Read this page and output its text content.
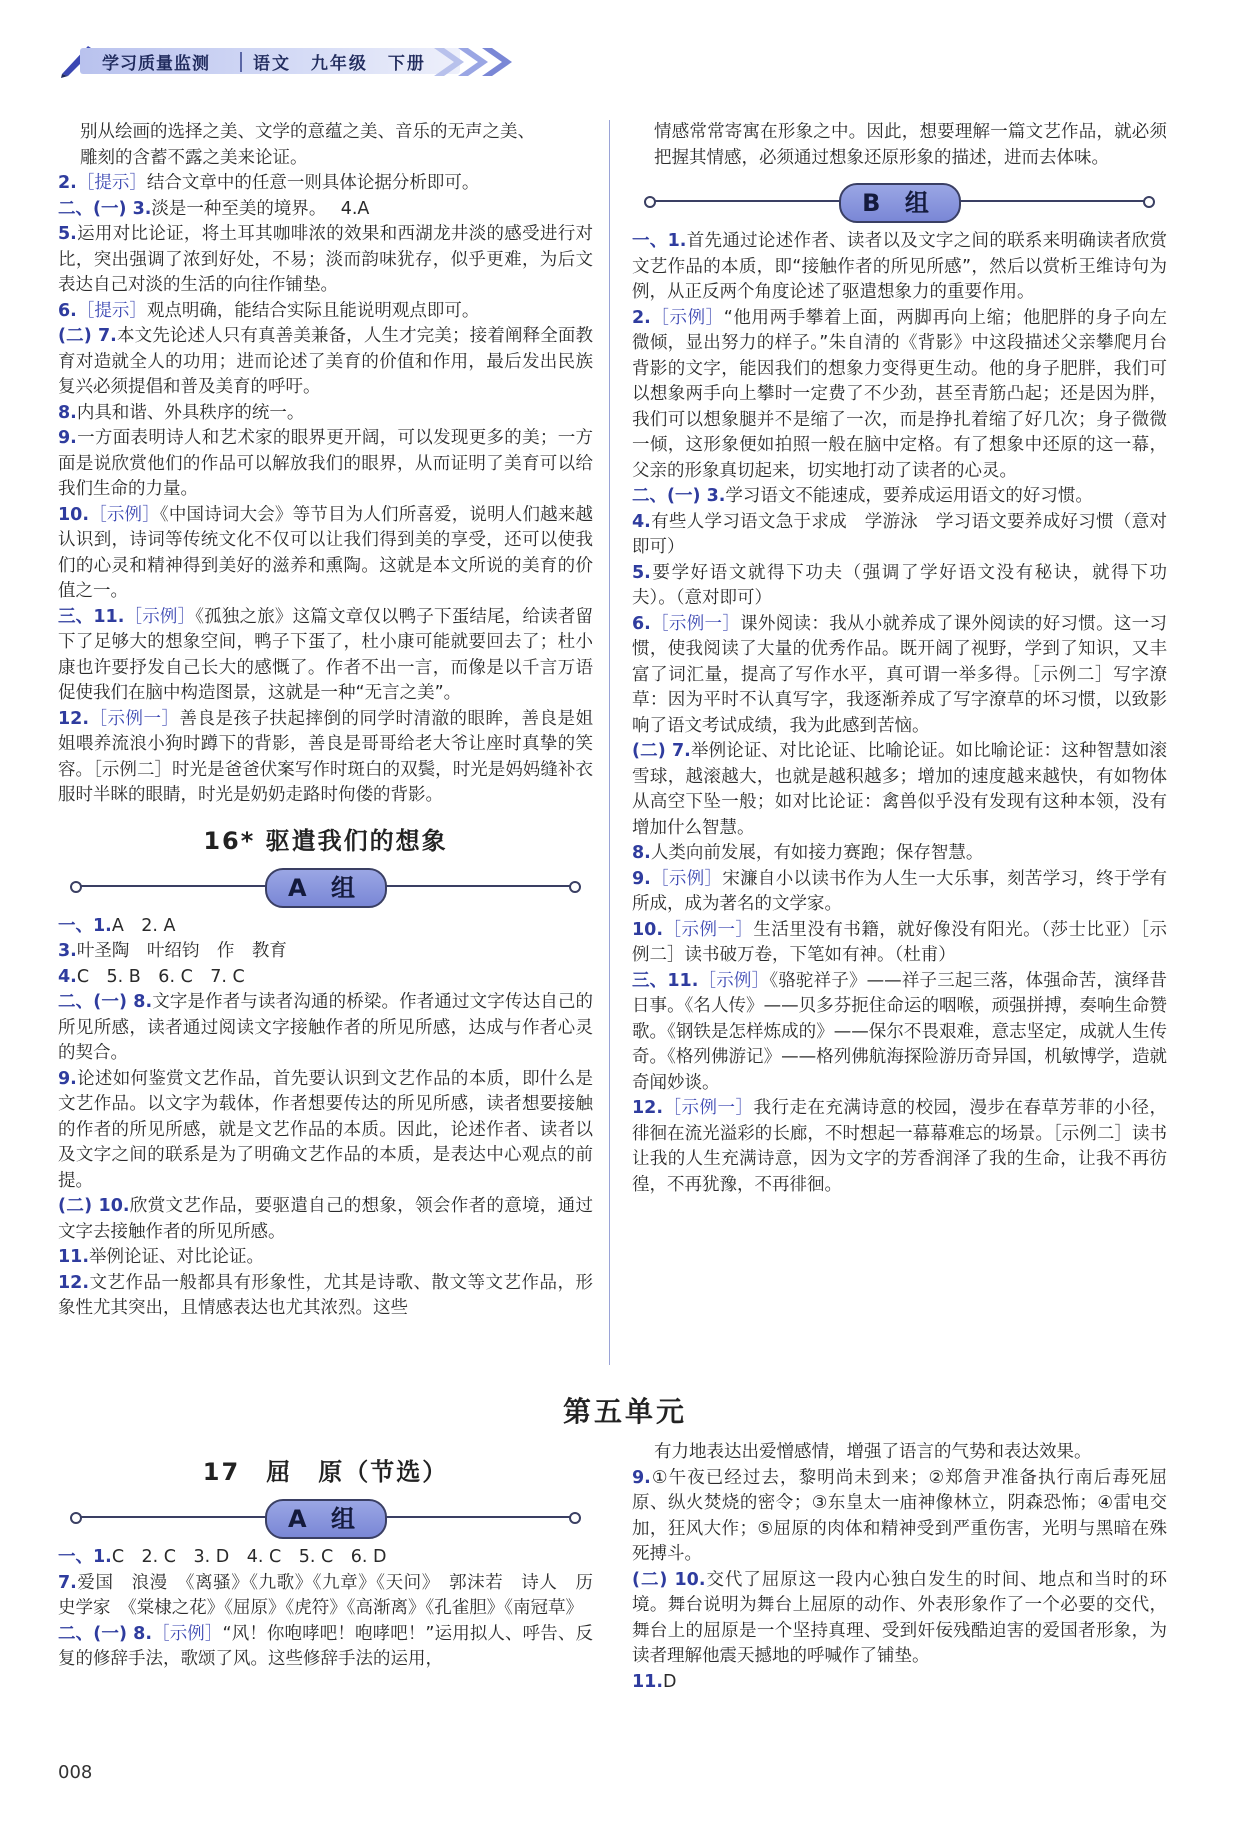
学习质量监测	语文 九年级 下册

别从绘画的选择之美、文学的意蕴之美、音乐的无声之美、

雕刻的含蓄不露之美来论证。

2.［提示］结合文章中的任意一则具体论据分析即可。

二、(一) 3.淡是一种至美的境界。　 4.A

5.运用对比论证，将土耳其咖啡浓的效果和西湖龙井淡的感受进行对比，突出强调了浓到好处，不易；淡而韵味犹存，似乎更难，为后文表达自己对淡的生活的向往作铺垫。

6.［提示］观点明确，能结合实际且能说明观点即可。

(二) 7.本文先论述人只有真善美兼备，人生才完美；接着阐释全面教育对造就全人的功用；进而论述了美育的价值和作用，最后发出民族复兴必须提倡和普及美育的呼吁。

8.内具和谐、外具秩序的统一。

9.一方面表明诗人和艺术家的眼界更开阔，可以发现更多的美；一方面是说欣赏他们的作品可以解放我们的眼界，从而证明了美育可以给我们生命的力量。

10.［示例］《中国诗词大会》等节目为人们所喜爱，说明人们越来越认识到，诗词等传统文化不仅可以让我们得到美的享受，还可以使我们的心灵和精神得到美好的滋养和熏陶。这就是本文所说的美育的价值之一。

三、11.［示例］《孤独之旅》这篇文章仅以鸭子下蛋结尾，给读者留下了足够大的想象空间，鸭子下蛋了，杜小康可能就要回去了；杜小康也许要抒发自己长大的感慨了。作者不出一言，而像是以千言万语促使我们在脑中构造图景，这就是一种“无言之美”。

12.［示例一］善良是孩子扶起摔倒的同学时清澈的眼眸，善良是姐姐喂养流浪小狗时蹲下的背影，善良是哥哥给老大爷让座时真挚的笑容。［示例二］时光是爸爸伏案写作时斑白的双鬓，时光是妈妈缝补衣服时半眯的眼睛，时光是奶奶走路时佝偻的背影。

16* 驱遣我们的想象
A 组

一、1.A　2. A

3.叶圣陶　叶绍钧　作　教育

4.C　5. B　6. C　7. C

二、(一) 8.文字是作者与读者沟通的桥梁。作者通过文字传达自己的所见所感，读者通过阅读文字接触作者的所见所感，达成与作者心灵的契合。

9.论述如何鉴赏文艺作品，首先要认识到文艺作品的本质，即什么是文艺作品。以文字为载体，作者想要传达的所见所感，读者想要接触的作者的所见所感，就是文艺作品的本质。因此，论述作者、读者以及文字之间的联系是为了明确文艺作品的本质，是表达中心观点的前提。

(二) 10.欣赏文艺作品，要驱遣自己的想象，领会作者的意境，通过文字去接触作者的所见所感。

11.举例论证、对比论证。

12.文艺作品一般都具有形象性，尤其是诗歌、散文等文艺作品，形象性尤其突出，且情感表达也尤其浓烈。这些

情感常常寄寓在形象之中。因此，想要理解一篇文艺作品，就必须把握其情感，必须通过想象还原形象的描述，进而去体味。

B 组

一、1.首先通过论述作者、读者以及文字之间的联系来明确读者欣赏文艺作品的本质，即“接触作者的所见所感”，然后以赏析王维诗句为例，从正反两个角度论述了驱遣想象力的重要作用。

2.［示例］“他用两手攀着上面，两脚再向上缩；他肥胖的身子向左微倾，显出努力的样子。”朱自清的《背影》中这段描述父亲攀爬月台背影的文字，能因我们的想象力变得更生动。他的身子肥胖，我们可以想象两手向上攀时一定费了不少劲，甚至青筋凸起；还是因为胖，我们可以想象腿并不是缩了一次，而是挣扎着缩了好几次；身子微微一倾，这形象便如拍照一般在脑中定格。有了想象中还原的这一幕，父亲的形象真切起来，切实地打动了读者的心灵。

二、(一) 3.学习语文不能速成，要养成运用语文的好习惯。

4.有些人学习语文急于求成　学游泳　学习语文要养成好习惯（意对即可）

5.要学好语文就得下功夫（强调了学好语文没有秘诀，就得下功夫）。（意对即可）

6.［示例一］课外阅读：我从小就养成了课外阅读的好习惯。这一习惯，使我阅读了大量的优秀作品。既开阔了视野，学到了知识，又丰富了词汇量，提高了写作水平，真可谓一举多得。［示例二］写字潦草：因为平时不认真写字，我逐渐养成了写字潦草的坏习惯，以致影响了语文考试成绩，我为此感到苦恼。

(二) 7.举例论证、对比论证、比喻论证。如比喻论证：这种智慧如滚雪球，越滚越大，也就是越积越多；增加的速度越来越快，有如物体从高空下坠一般；如对比论证：禽兽似乎没有发现有这种本领，没有增加什么智慧。

8.人类向前发展，有如接力赛跑；保存智慧。

9.［示例］宋濂自小以读书作为人生一大乐事，刻苦学习，终于学有所成，成为著名的文学家。

10.［示例一］生活里没有书籍，就好像没有阳光。（莎士比亚）［示例二］读书破万卷，下笔如有神。（杜甫）

三、11.［示例］《骆驼祥子》——祥子三起三落，体强命苦，演绎昔日事。《名人传》——贝多芬扼住命运的咽喉，顽强拼搏，奏响生命赞歌。《钢铁是怎样炼成的》——保尔不畏艰难，意志坚定，成就人生传奇。《格列佛游记》——格列佛航海探险游历奇异国，机敏博学，造就奇闻妙谈。

12.［示例一］我行走在充满诗意的校园，漫步在春草芳菲的小径，徘徊在流光溢彩的长廊，不时想起一幕幕难忘的场景。［示例二］读书让我的人生充满诗意，因为文字的芳香润泽了我的生命，让我不再彷徨，不再犹豫，不再徘徊。

第五单元
17　屈　原（节选）
A 组

一、1.C　2. C　3. D　4. C　5. C　6. D

7.爱国　浪漫　《离骚》《九歌》《九章》《天问》　郭沫若　诗人　历史学家　《棠棣之花》《屈原》《虎符》《高渐离》《孔雀胆》《南冠草》

二、(一) 8.［示例］“风！你咆哮吧！咆哮吧！”运用拟人、呼告、反复的修辞手法，歌颂了风。这些修辞手法的运用，

有力地表达出爱憎感情，增强了语言的气势和表达效果。

9.①午夜已经过去，黎明尚未到来；②郑詹尹准备执行南后毒死屈原、纵火焚烧的密令；③东皇太一庙神像林立，阴森恐怖；④雷电交加，狂风大作；⑤屈原的肉体和精神受到严重伤害，光明与黑暗在殊死搏斗。

(二) 10.交代了屈原这一段内心独白发生的时间、地点和当时的环境。舞台说明为舞台上屈原的动作、外表形象作了一个必要的交代，舞台上的屈原是一个坚持真理、受到奸佞残酷迫害的爱国者形象，为读者理解他震天撼地的呼喊作了铺垫。

11.D

008
